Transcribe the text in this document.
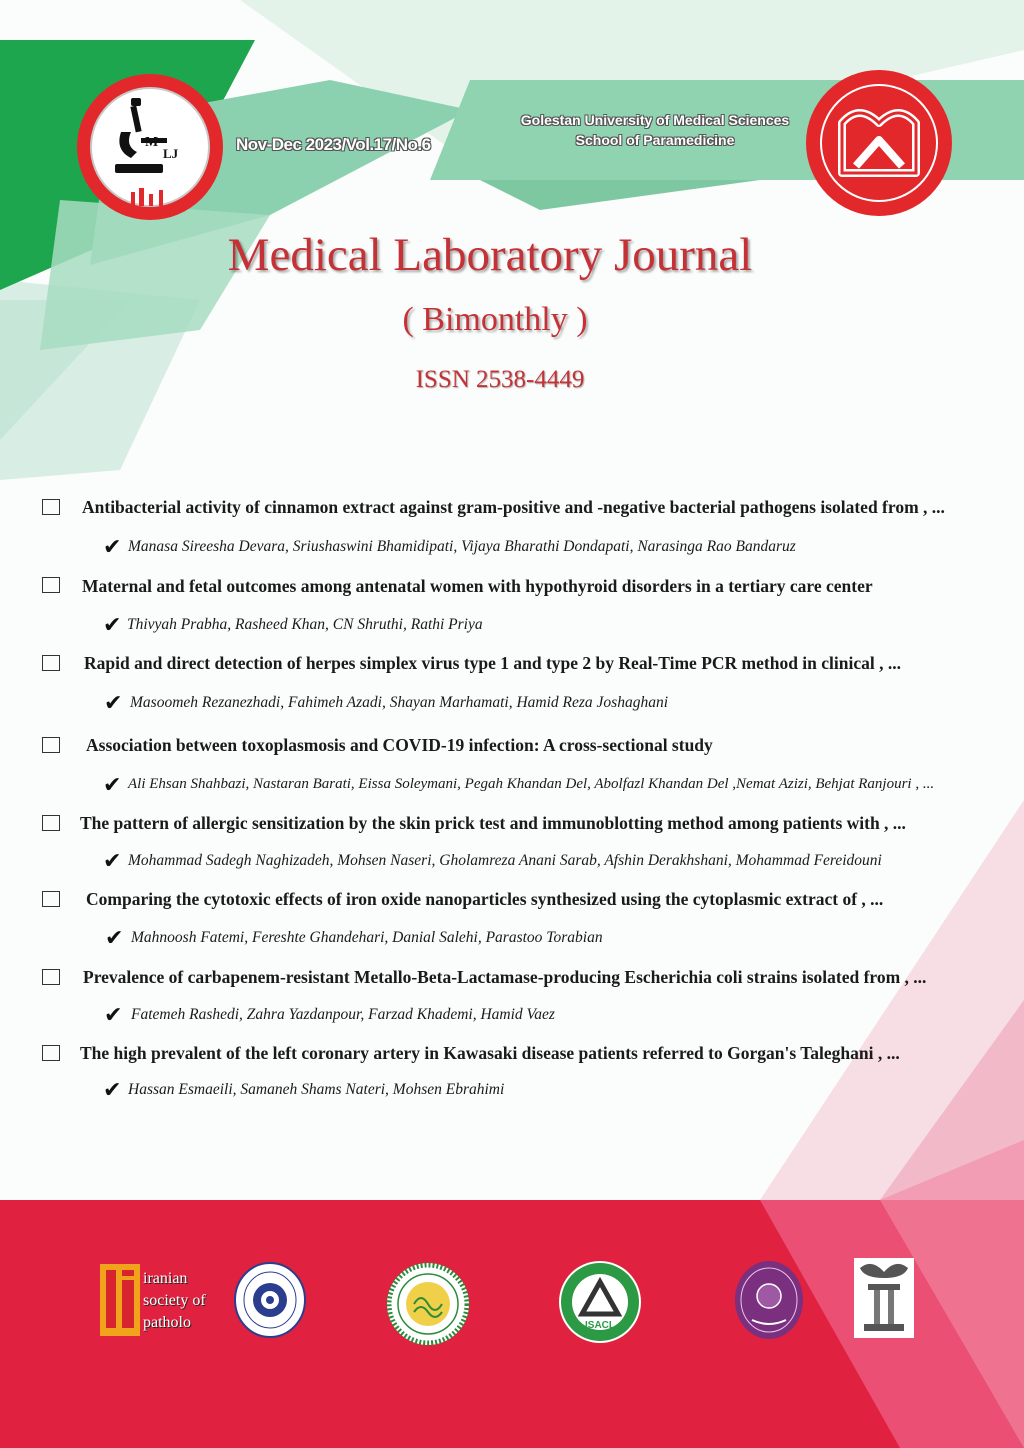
M
LJ	Nov-Dec 2023/Vol.17/No.6
Golestan University of Medical Sciences
School of Paramedicine
Medical Laboratory Journal
( Bimonthly )
ISSN 2538-4449
Antibacterial activity of cinnamon extract against gram-positive and -negative bacterial pathogens isolated from , ...
✔ Manasa Sireesha Devara, Sriushaswini Bhamidipati, Vijaya Bharathi Dondapati, Narasinga Rao Bandaruz
Maternal and fetal outcomes among antenatal women with hypothyroid disorders in a tertiary care center
✔ Thivyah Prabha, Rasheed Khan, CN Shruthi, Rathi Priya
Rapid and direct detection of herpes simplex virus type 1 and type 2 by Real-Time PCR method in clinical , ...
✔ Masoomeh Rezanezhadi, Fahimeh Azadi, Shayan Marhamati, Hamid Reza Joshaghani
Association between toxoplasmosis and COVID-19 infection: A cross-sectional study
✔ Ali Ehsan Shahbazi, Nastaran Barati, Eissa Soleymani, Pegah Khandan Del, Abolfazl Khandan Del ,Nemat Azizi, Behjat Ranjouri , ...
The pattern of allergic sensitization by the skin prick test and immunoblotting method among patients with , ...
✔ Mohammad Sadegh Naghizadeh, Mohsen Naseri, Gholamreza Anani Sarab, Afshin Derakhshani, Mohammad Fereidouni
Comparing the cytotoxic effects of iron oxide nanoparticles synthesized using the cytoplasmic extract of , ...
✔ Mahnoosh Fatemi, Fereshte Ghandehari, Danial Salehi, Parastoo Torabian
Prevalence of carbapenem-resistant Metallo-Beta-Lactamase-producing Escherichia coli strains isolated from , ...
✔ Fatemeh Rashedi, Zahra Yazdanpour, Farzad Khademi, Hamid Vaez
The high prevalent of the left coronary artery in Kawasaki disease patients referred to Gorgan's Taleghani , ...
✔ Hassan Esmaeili, Samaneh Shams Nateri, Mohsen Ebrahimi
iranian
society of
patholo	ISACL
